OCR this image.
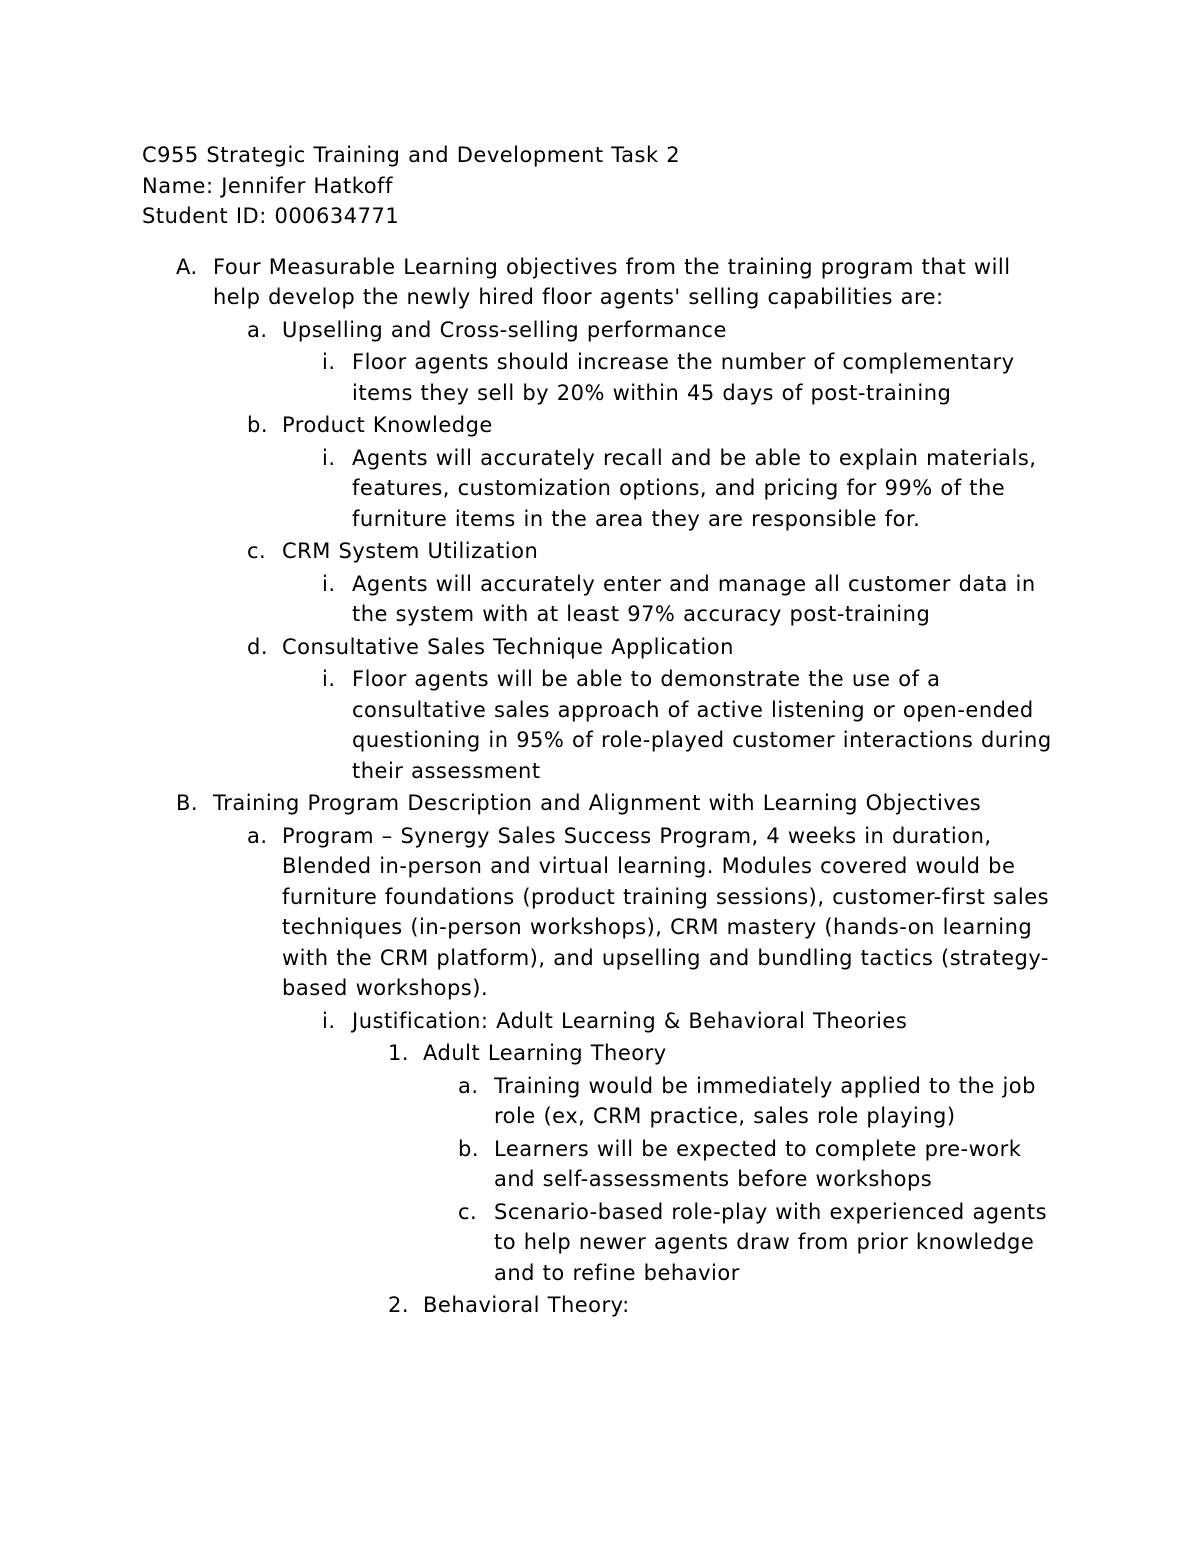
C955 Strategic Training and Development Task 2
Name: Jennifer Hatkoff
Student ID: 000634771
A. Four Measurable Learning objectives from the training program that will help develop the newly hired floor agents' selling capabilities are:
a. Upselling and Cross-selling performance
i. Floor agents should increase the number of complementary items they sell by 20% within 45 days of post-training
b. Product Knowledge
i. Agents will accurately recall and be able to explain materials, features, customization options, and pricing for 99% of the furniture items in the area they are responsible for.
c. CRM System Utilization
i. Agents will accurately enter and manage all customer data in the system with at least 97% accuracy post-training
d. Consultative Sales Technique Application
i. Floor agents will be able to demonstrate the use of a consultative sales approach of active listening or open-ended questioning in 95% of role-played customer interactions during their assessment
B. Training Program Description and Alignment with Learning Objectives
a. Program – Synergy Sales Success Program, 4 weeks in duration, Blended in-person and virtual learning. Modules covered would be furniture foundations (product training sessions), customer-first sales techniques (in-person workshops), CRM mastery (hands-on learning with the CRM platform), and upselling and bundling tactics (strategy-based workshops).
i. Justification: Adult Learning & Behavioral Theories
1. Adult Learning Theory
a. Training would be immediately applied to the job role (ex, CRM practice, sales role playing)
b. Learners will be expected to complete pre-work and self-assessments before workshops
c. Scenario-based role-play with experienced agents to help newer agents draw from prior knowledge and to refine behavior
2. Behavioral Theory:
